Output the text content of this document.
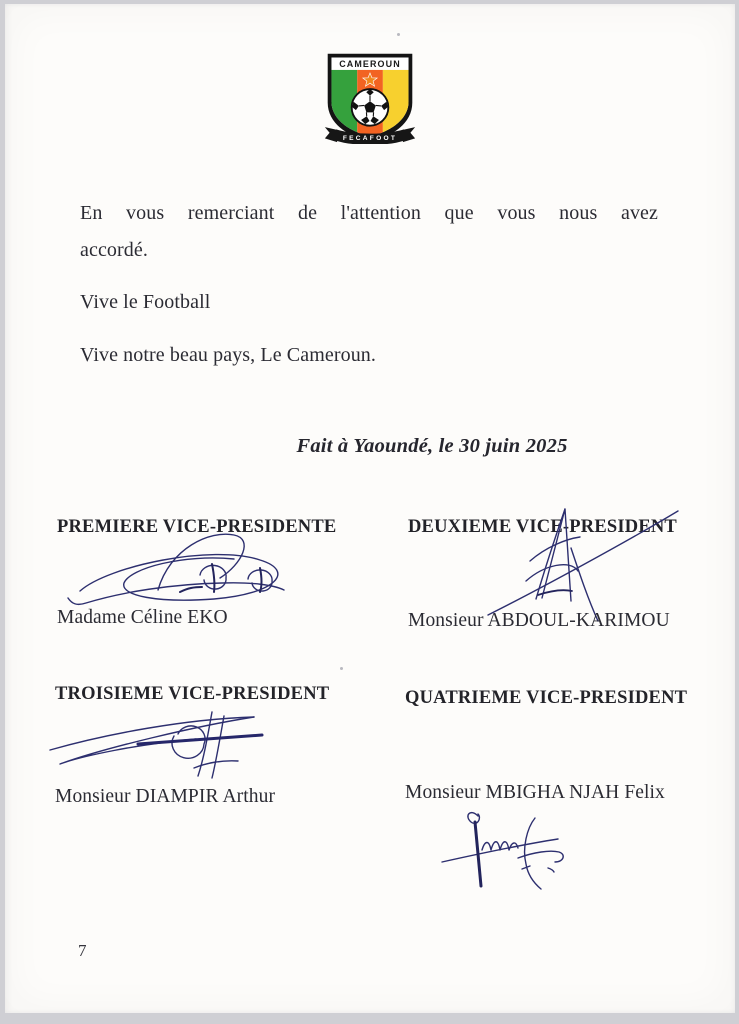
CAMEROUN
FECAFOOT
En vous remerciant de l'attention que vous nous avez
accordé.
Vive le Football
Vive notre beau pays, Le Cameroun.
Fait à Yaoundé, le 30 juin 2025
PREMIERE VICE-PRESIDENTE
Madame Céline EKO
DEUXIEME VICE-PRESIDENT
Monsieur ABDOUL-KARIMOU
TROISIEME VICE-PRESIDENT
Monsieur DIAMPIR Arthur
QUATRIEME VICE-PRESIDENT
Monsieur MBIGHA NJAH Felix
7
